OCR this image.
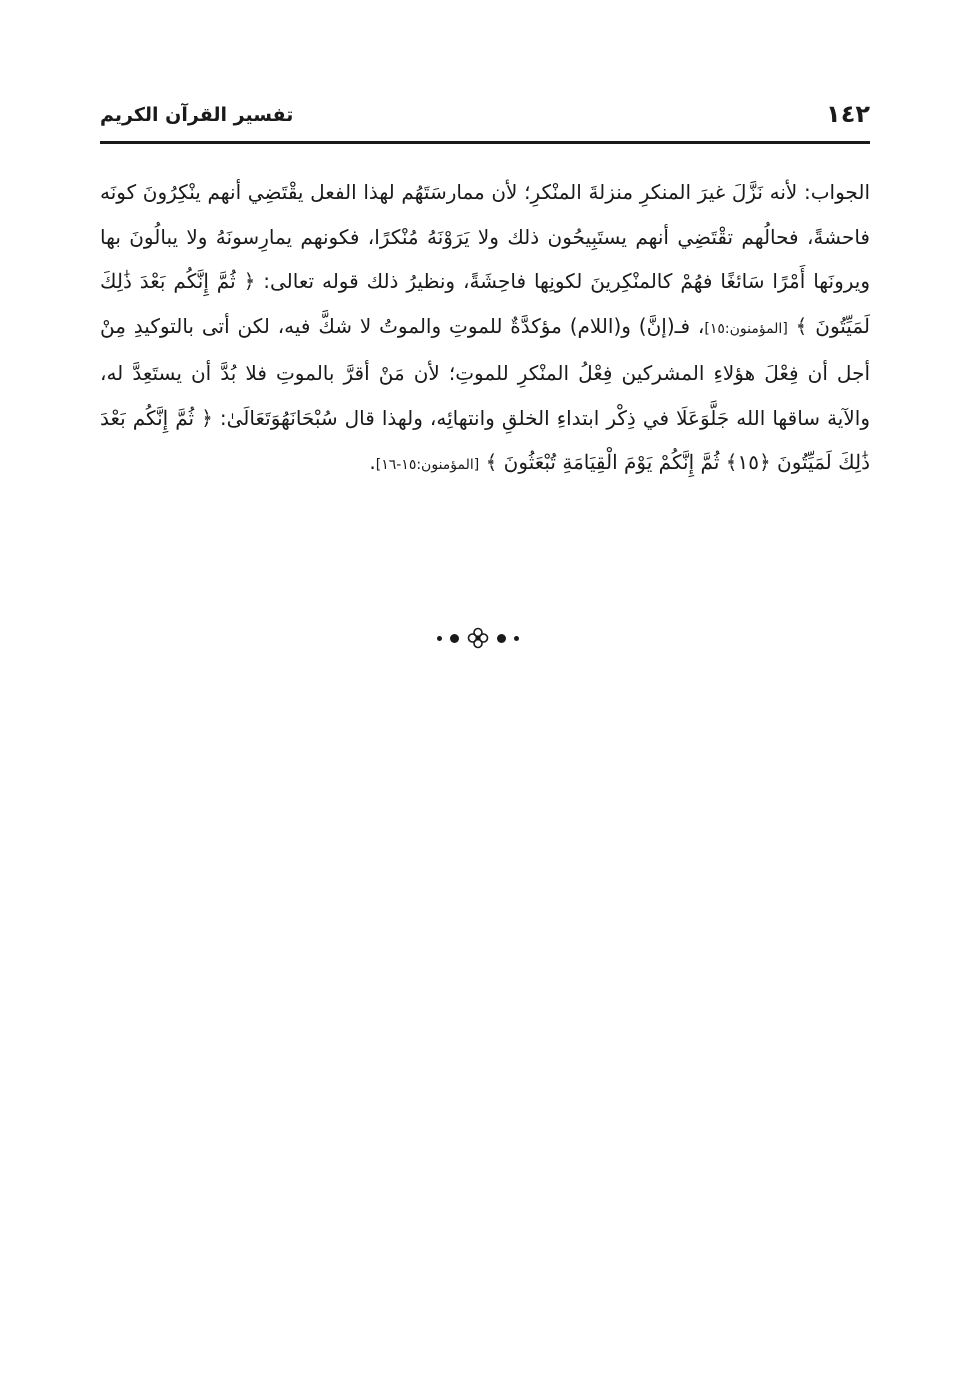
١٤٢
تفسير القرآن الكريم

الجواب: لأنه نَزَّلَ غيرَ المنكرِ منزلةَ المنْكرِ؛ لأن ممارسَتَهُم لهذا الفعل يقْتَضِي أنهم ينْكِرُونَ كونَه فاحشةً، فحالُهم تقْتَضِي أنهم يستَبِيحُون ذلك ولا يَرَوْنَهُ مُنْكرًا، فكونهم يمارِسونَهُ ولا يبالُونَ بها ويرونَها أَمْرًا سَائغًا فهُمْ كالمنْكِرينَ لكونِها فاحِشَةً، ونظيرُ ذلك قوله تعالى: ﴿ ثُمَّ إِنَّكُم بَعْدَ ذَٰلِكَ لَمَيِّتُونَ ﴾ [المؤمنون:١٥]، فـ(إنَّ) و(اللام) مؤكدَّةٌ للموتِ والموتُ لا شكَّ فيه، لكن أتى بالتوكيدِ مِنْ أجل أن فِعْلَ هؤلاءِ المشركين فِعْلُ المنْكرِ للموتِ؛ لأن مَنْ أقرَّ بالموتِ فلا بُدَّ أن يستَعِدَّ له، والآية ساقها الله جَلَّوَعَلَا في ذِكْر ابتداءِ الخلقِ وانتهائِه، ولهذا قال سُبْحَانَهُوَتَعَالَىٰ: ﴿ ثُمَّ إِنَّكُم بَعْدَ ذَٰلِكَ لَمَيِّتُونَ ﴿١٥﴾ ثُمَّ إِنَّكُمْ يَوْمَ الْقِيَامَةِ تُبْعَثُونَ ﴾ [المؤمنون:١٥-١٦].
